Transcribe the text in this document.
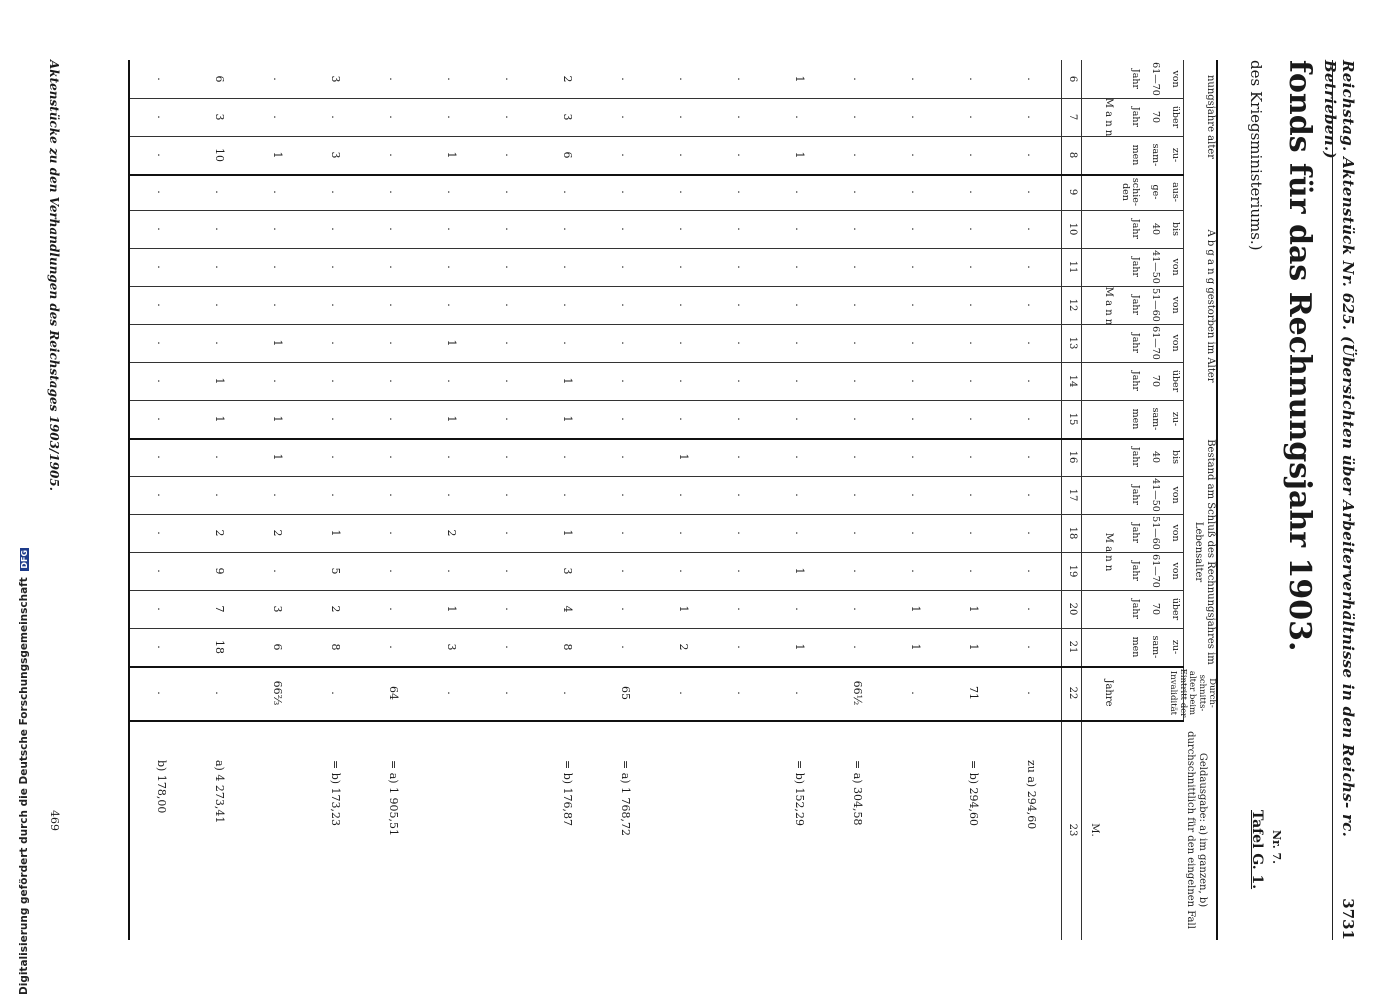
Digitalisierung gefördert durch die Deutsche Forschungsgemeinschaft DFG	Reichstag. Aktenstück Nr. 625. (Übersichten über Arbeiterverhältnisse in den Reichs- rc. Betrieben.)
3731
Nr. 7.
Tafel G. 1.
fonds für das Rechnungsjahr 1903.
des Kriegsministeriums.)
nungsjahre alter
A b g a n g gestorben im Alter
Bestand am Schluß des Rechnungsjahres im Lebensalter
Durch-schnitts-alter beim Eintritt der Invalidität
Geldausgabe: a) im ganzen, b) durchschnittlich für den eingelnen Fall
von
61—70
Jahr
über
70
Jahr
zu-
sam-
men
aus-
ge-
schie- den
bis
40
Jahr
von
41—50
Jahr
von
51—60
Jahr
von
61—70
Jahr
über
70
Jahr
zu-
sam-
men
bis
40
Jahr
von
41—50
Jahr
von
51—60
Jahr
von
61—70
Jahr
über
70
Jahr
zu-
sam-
men
M a n n
M a n n
M a n n
Jahre
M.
6
7
8
9
10
11
12
13
14
15
16
17
18
19
20
21
22
23
.
.
.
.
.
.
.
.
.
.
.
.
.
.
.
.
.
zu a) 294,60
.
.
.
.
.
.
.
.
.
.
.
.
.
.
1
1
71
= b) 294,60
.
.
.
.
.
.
.
.
.
.
.
.
.
.
1
1
.
.
.
.
.
.
.
.
.
.
.
.
.
.
.
.
.
66½
= a) 304,58
1
.
1
.
.
.
.
.
.
.
.
.
.
1
.
1
.
= b) 152,29
.
.
.
.
.
.
.
.
.
.
.
.
.
.
.
.
.
.
.
.
.
.
.
.
.
.
.
1
.
.
.
1
2
.
.
.
.
.
.
.
.
.
.
.
.
.
.
.
.
.
65
= a) 1 768,72
2
3
6
.
.
.
.
.
1
1
.
.
1
3
4
8
.
= b) 176,87
.
.
.
.
.
.
.
.
.
.
.
.
.
.
.
.
.
.
.
1
.
.
.
.
1
.
1
.
.
2
.
1
3
.
.
.
.
.
.
.
.
.
.
.
.
.
.
.
.
.
64
= a) 1 905,51
3
.
3
.
.
.
.
.
.
.
.
.
1
5
2
8
.
= b) 173,23
.
.
1
.
.
.
.
1
.
1
1
.
2
.
3
6
66⅔
6
3
10
.
.
.
.
.
1
1
.
.
2
9
7
18
.
a) 4 273,41
.
.
.
.
.
.
.
.
.
.
.
.
.
.
.
.
.
b) 178,00
Aktenstücke zu den Verhandlungen des Reichstages 1903/1905.
469
